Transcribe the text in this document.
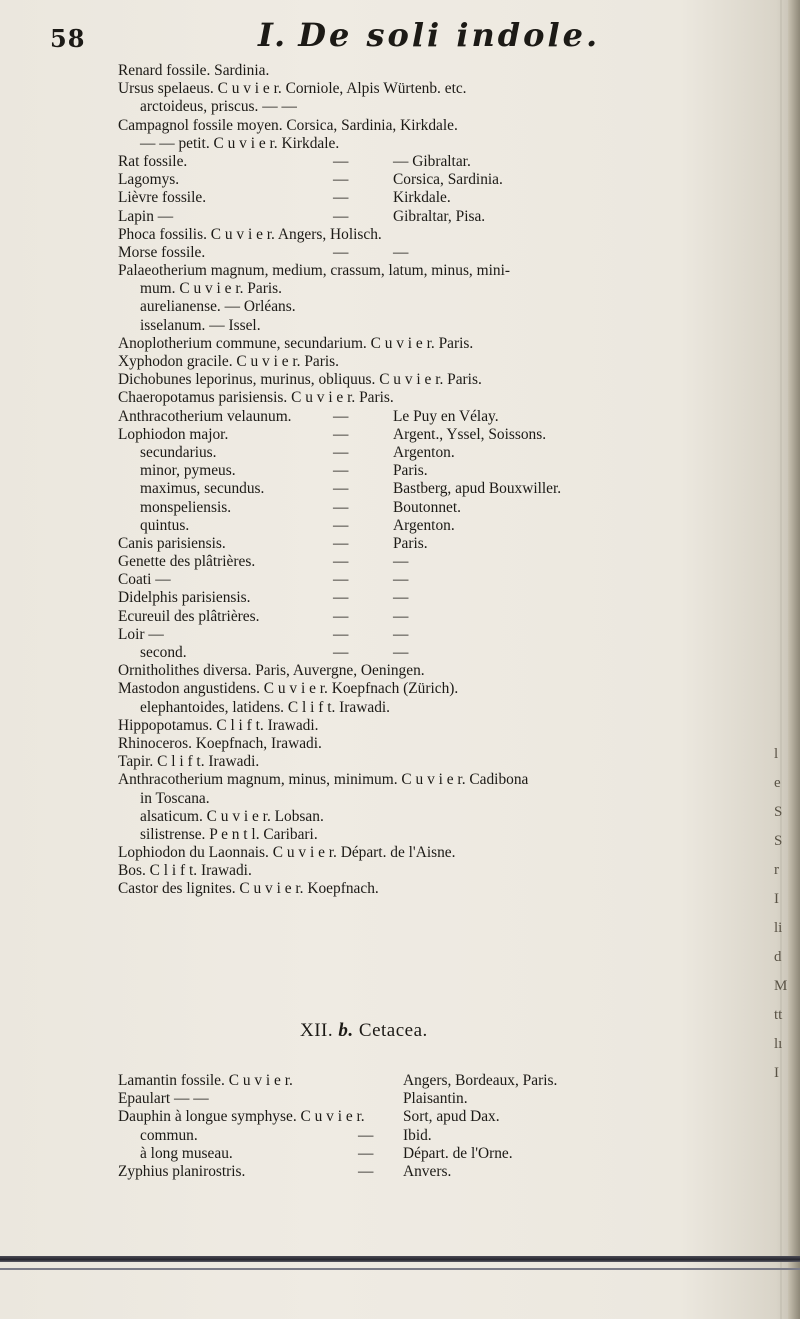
58	I. De soli indole.
Renard fossile. Sardinia.
Ursus spelaeus. C u v i e r. Corniole, Alpis Würtenb. etc.
arctoideus, priscus. — —
Campagnol fossile moyen. Corsica, Sardinia, Kirkdale.
— — petit. C u v i e r. Kirkdale.
Rat fossile.	—	— Gibraltar.
Lagomys.	—	Corsica, Sardinia.
Lièvre fossile.	—	Kirkdale.
Lapin —	—	Gibraltar, Pisa.
Phoca fossilis. C u v i e r. Angers, Holisch.
Morse fossile.	—	—
Palaeotherium magnum, medium, crassum, latum, minus, mini-
mum. C u v i e r. Paris.
aurelianense. — Orléans.
isselanum. — Issel.
Anoplotherium commune, secundarium. C u v i e r. Paris.
Xyphodon gracile. C u v i e r. Paris.
Dichobunes leporinus, murinus, obliquus. C u v i e r. Paris.
Chaeropotamus parisiensis. C u v i e r. Paris.
Anthracotherium velaunum.	—	Le Puy en Vélay.
Lophiodon major.	—	Argent., Yssel, Soissons.
secundarius.	—	Argenton.
minor, pymeus.	—	Paris.
maximus, secundus.	—	Bastberg, apud Bouxwiller.
monspeliensis.	—	Boutonnet.
quintus.	—	Argenton.
Canis parisiensis.	—	Paris.
Genette des plâtrières.	—	—
Coati —	—	—
Didelphis parisiensis.	—	—
Ecureuil des plâtrières.	—	—
Loir —	—	—
second.	—	—
Ornitholithes diversa. Paris, Auvergne, Oeningen.
Mastodon angustidens. C u v i e r. Koepfnach (Zürich).
elephantoides, latidens. C l i f t. Irawadi.
Hippopotamus. C l i f t. Irawadi.
Rhinoceros. Koepfnach, Irawadi.
Tapir. C l i f t. Irawadi.
Anthracotherium magnum, minus, minimum. C u v i e r. Cadibona
in Toscana.
alsaticum. C u v i e r. Lobsan.
silistrense. P e n t l. Caribari.
Lophiodon du Laonnais. C u v i e r. Départ. de l'Aisne.
Bos. C l i f t. Irawadi.
Castor des lignites. C u v i e r. Koepfnach.
XII. b. Cetacea.
Lamantin fossile. C u v i e r.	Angers, Bordeaux, Paris.
Epaulart — —	Plaisantin.
Dauphin à longue symphyse. C u v i e r. Sort, apud Dax.
commun.	— Ibid.
à long museau.	— Départ. de l'Orne.
Zyphius planirostris.	— Anvers.
l
e
S
S
r
I
li
d
M
tt
lı
I
